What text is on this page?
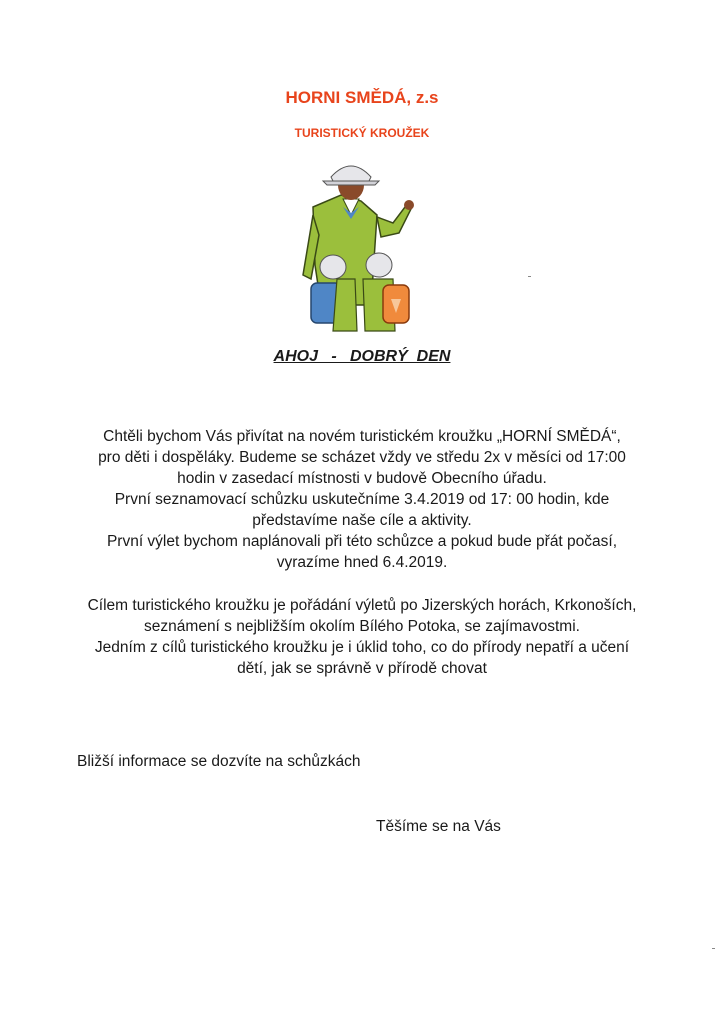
HORNI SMĚDÁ, z.s
TURISTICKÝ KROUŽEK
AHOJ   -   DOBRÝ  DEN
Chtěli bychom Vás přivítat na novém turistickém kroužku „HORNÍ SMĚDÁ“,
pro děti i dospěláky. Budeme se scházet vždy ve středu 2x v měsíci od 17:00
hodin v zasedací místnosti v budově Obecního úřadu.
První seznamovací schůzku uskutečníme 3.4.2019 od 17: 00 hodin, kde
představíme naše cíle a aktivity.
První výlet bychom naplánovali při této schůzce a pokud bude přát počasí,
vyrazíme hned 6.4.2019.
Cílem turistického kroužku je pořádání výletů po Jizerských horách, Krkonoších,
seznámení s nejbližším okolím Bílého Potoka, se zajímavostmi.
Jedním z cílů turistického kroužku je i úklid toho, co do přírody nepatří a učení
dětí, jak se správně v přírodě chovat
Bližší informace se dozvíte na schůzkách
Těšíme se na Vás
